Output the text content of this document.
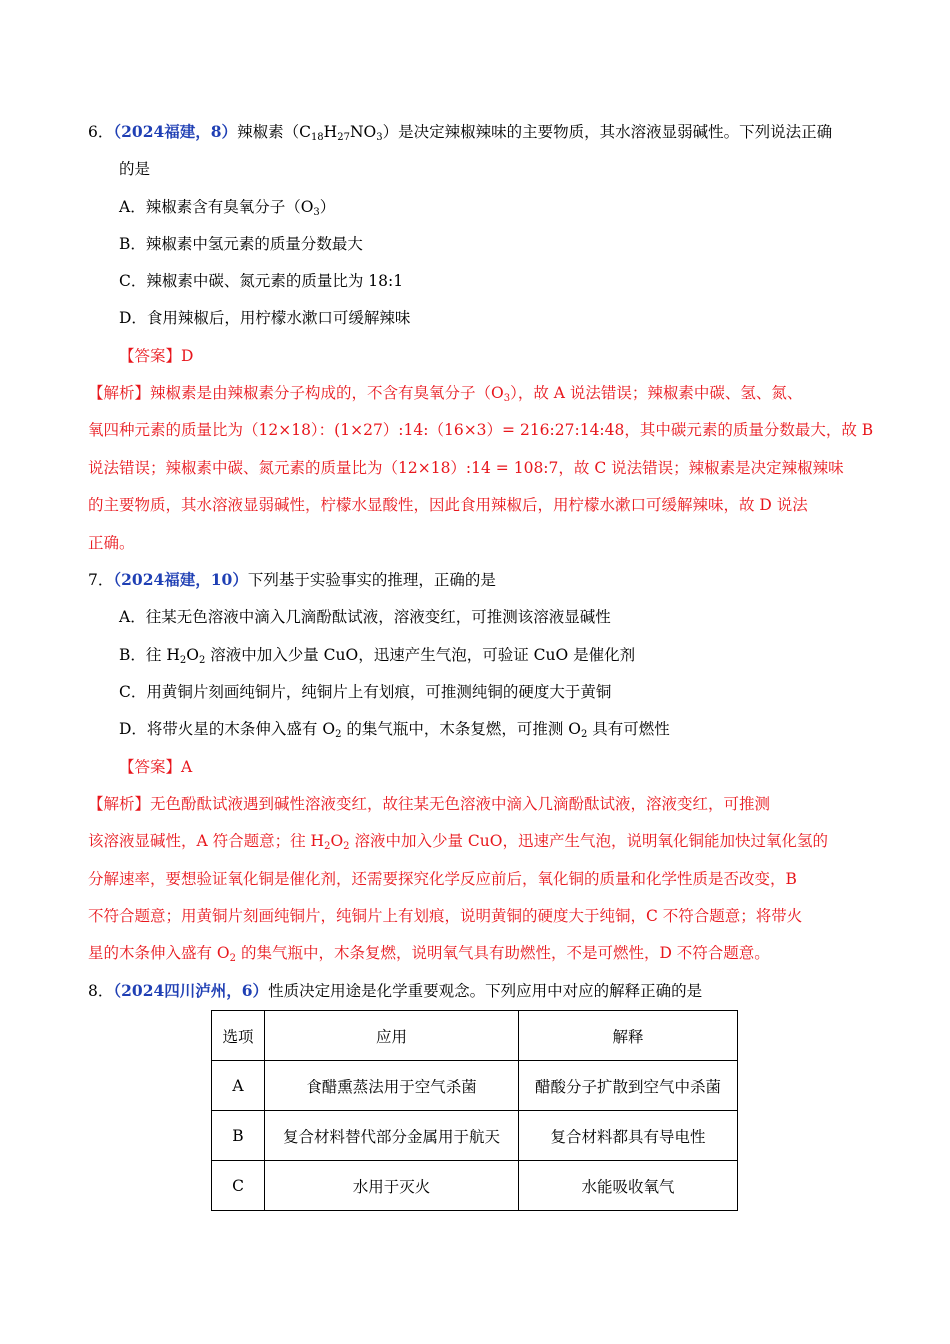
6．（2024福建，8）辣椒素$(C_{18}H_{27}NO_3)$是决定辣椒辣味的主要物质，其水溶液显弱碱性。下列说法正确
的是
A．辣椒素含有臭氧分子$(O_3)$
B．辣椒素中氢元素的质量分数最大
C．辣椒素中碳、氮元素的质量比为 18:1
D．食用辣椒后，用柠檬水漱口可缓解辣味
【答案】D
【解析】辣椒素是由辣椒素分子构成的，不含有臭氧分子$(O_3)$，故 A 说法错误；辣椒素中碳、氢、氮、
氧四种元素的质量比为（12×18）：(1×27）:14:（16×3）= 216:27:14:48，其中碳元素的质量分数最大，故 B
说法错误；辣椒素中碳、氮元素的质量比为（12×18）:14 = 108:7，故 C 说法错误；辣椒素是决定辣椒辣味
的主要物质，其水溶液显弱碱性，柠檬水显酸性，因此食用辣椒后，用柠檬水漱口可缓解辣味，故 D 说法
正确。
7．（2024福建，10）下列基于实验事实的推理，正确的是
A．往某无色溶液中滴入几滴酚酞试液，溶液变红，可推测该溶液显碱性
B．往 $H_2O_2$ 溶液中加入少量 CuO，迅速产生气泡，可验证 CuO 是催化剂
C．用黄铜片刻画纯铜片，纯铜片上有划痕，可推测纯铜的硬度大于黄铜
D．将带火星的木条伸入盛有 $O_2$ 的集气瓶中，木条复燃，可推测 $O_2$ 具有可燃性
【答案】A
【解析】无色酚酞试液遇到碱性溶液变红，故往某无色溶液中滴入几滴酚酞试液，溶液变红，可推测
该溶液显碱性，A 符合题意；往 $H_2O_2$ 溶液中加入少量 CuO，迅速产生气泡，说明氧化铜能加快过氧化氢的
分解速率，要想验证氧化铜是催化剂，还需要探究化学反应前后，氧化铜的质量和化学性质是否改变，B
不符合题意；用黄铜片刻画纯铜片，纯铜片上有划痕，说明黄铜的硬度大于纯铜，C 不符合题意；将带火
星的木条伸入盛有 $O_2$ 的集气瓶中，木条复燃，说明氧气具有助燃性，不是可燃性，D 不符合题意。
8．（2024四川泸州，6）性质决定用途是化学重要观念。下列应用中对应的解释正确的是
选项	应用	解释
A	食醋熏蒸法用于空气杀菌	醋酸分子扩散到空气中杀菌
B	复合材料替代部分金属用于航天	复合材料都具有导电性
C	水用于灭火	水能吸收氧气
